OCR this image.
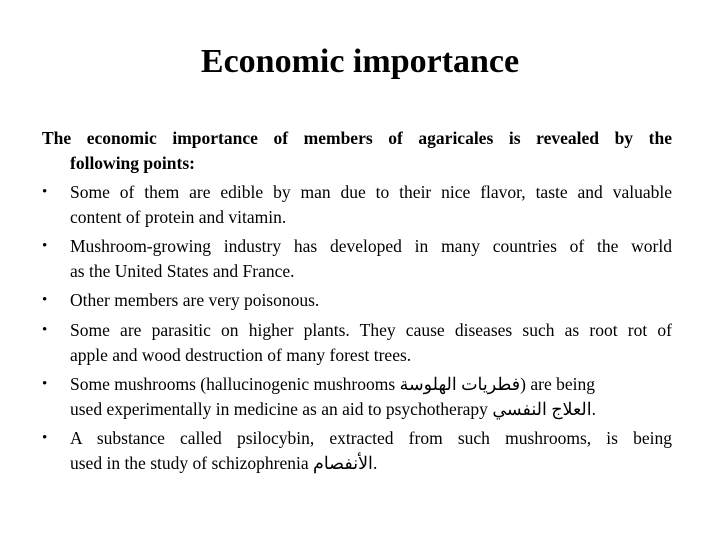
Economic importance
The economic importance of members of agaricales is revealed by the
following points:
•	Some of them are edible by man due to their nice flavor, taste and valuable
content of protein and vitamin.
•	Mushroom-growing industry has developed in many countries of the world
as the United States and France.
•	Other members are very poisonous.
•	Some are parasitic on higher plants. They cause diseases such as root rot of
apple and wood destruction of many forest trees.
•	Some mushrooms (hallucinogenic mushrooms فطريات الهلوسة) are being
used experimentally in medicine as an aid to psychotherapy العلاج النفسي.
•	A substance called psilocybin, extracted from such mushrooms, is being
used in the study of schizophrenia الأنفصام.
